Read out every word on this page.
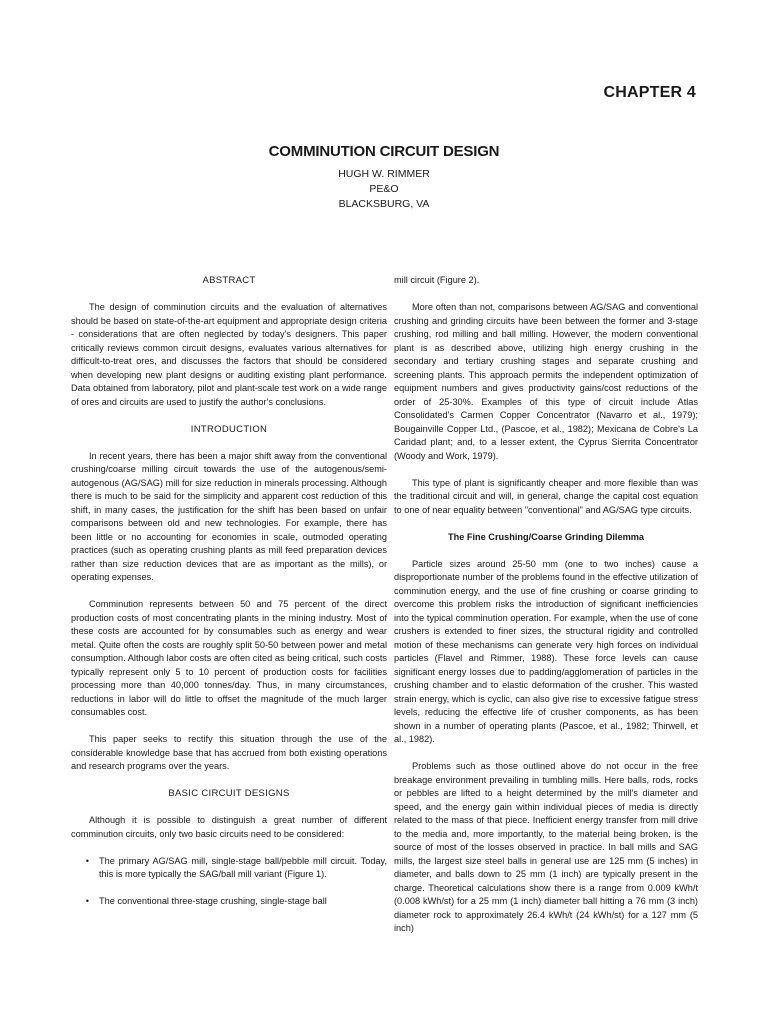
CHAPTER 4
COMMINUTION CIRCUIT DESIGN
HUGH W. RIMMER
PE&O
BLACKSBURG, VA
ABSTRACT

The design of comminution circuits and the evaluation of alternatives should be based on state-of-the-art equipment and appropriate design criteria - considerations that are often neglected by today's designers. This paper critically reviews common circuit designs, evaluates various alternatives for difficult-to-treat ores, and discusses the factors that should be considered when developing new plant designs or auditing existing plant performance. Data obtained from laboratory, pilot and plant-scale test work on a wide range of ores and circuits are used to justify the author's conclusions.

INTRODUCTION

In recent years, there has been a major shift away from the conventional crushing/coarse milling circuit towards the use of the autogenous/semi-autogenous (AG/SAG) mill for size reduction in minerals processing. Although there is much to be said for the simplicity and apparent cost reduction of this shift, in many cases, the justification for the shift has been based on unfair comparisons between old and new technologies. For example, there has been little or no accounting for economies in scale, outmoded operating practices (such as operating crushing plants as mill feed preparation devices rather than size reduction devices that are as important as the mills), or operating expenses.

Comminution represents between 50 and 75 percent of the direct production costs of most concentrating plants in the mining industry. Most of these costs are accounted for by consumables such as energy and wear metal. Quite often the costs are roughly split 50-50 between power and metal consumption. Although labor costs are often cited as being critical, such costs typically represent only 5 to 10 percent of production costs for facilities processing more than 40,000 tonnes/day. Thus, in many circumstances, reductions in labor will do little to offset the magnitude of the much larger consumables cost.

This paper seeks to rectify this situation through the use of the considerable knowledge base that has accrued from both existing operations and research programs over the years.

BASIC CIRCUIT DESIGNS

Although it is possible to distinguish a great number of different comminution circuits, only two basic circuits need to be considered:

•	The primary AG/SAG mill, single-stage ball/pebble mill circuit. Today, this is more typically the SAG/ball mill variant (Figure 1).
•	The conventional three-stage crushing, single-stage ball

mill circuit (Figure 2).

More often than not, comparisons between AG/SAG and conventional crushing and grinding circuits have been between the former and 3-stage crushing, rod milling and ball milling. However, the modern conventional plant is as described above, utilizing high energy crushing in the secondary and tertiary crushing stages and separate crushing and screening plants. This approach permits the independent optimization of equipment numbers and gives productivity gains/cost reductions of the order of 25-30%. Examples of this type of circuit include Atlas Consolidated's Carmen Copper Concentrator (Navarro et al., 1979); Bougainville Copper Ltd., (Pascoe, et al., 1982); Mexicana de Cobre's La Caridad plant; and, to a lesser extent, the Cyprus Sierrita Concentrator (Woody and Work, 1979).

This type of plant is significantly cheaper and more flexible than was the traditional circuit and will, in general, change the capital cost equation to one of near equality between "conventional" and AG/SAG type circuits.

The Fine Crushing/Coarse Grinding Dilemma

Particle sizes around 25-50 mm (one to two inches) cause a disproportionate number of the problems found in the effective utilization of comminution energy, and the use of fine crushing or coarse grinding to overcome this problem risks the introduction of significant inefficiencies into the typical comminution operation. For example, when the use of cone crushers is extended to finer sizes, the structural rigidity and controlled motion of these mechanisms can generate very high forces on individual particles (Flavel and Rimmer, 1988). These force levels can cause significant energy losses due to padding/agglomeration of particles in the crushing chamber and to elastic deformation of the crusher. This wasted strain energy, which is cyclic, can also give rise to excessive fatigue stress levels, reducing the effective life of crusher components, as has been shown in a number of operating plants (Pascoe, et al., 1982; Thirwell, et al., 1982).

Problems such as those outlined above do not occur in the free breakage environment prevailing in tumbling mills. Here balls, rods, rocks or pebbles are lifted to a height determined by the mill's diameter and speed, and the energy gain within individual pieces of media is directly related to the mass of that piece. Inefficient energy transfer from mill drive to the media and, more importantly, to the material being broken, is the source of most of the losses observed in practice. In ball mills and SAG mills, the largest size steel balls in general use are 125 mm (5 inches) in diameter, and balls down to 25 mm (1 inch) are typically present in the charge. Theoretical calculations show there is a range from 0.009 kWh/t (0.008 kWh/st) for a 25 mm (1 inch) diameter ball hitting a 76 mm (3 inch) diameter rock to approximately 26.4 kWh/t (24 kWh/st) for a 127 mm (5 inch)
